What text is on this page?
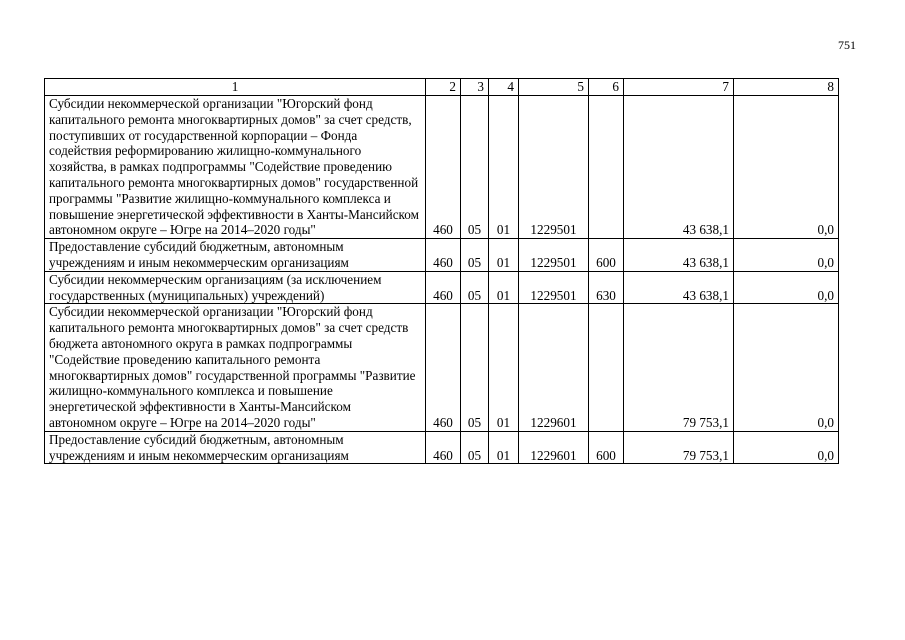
751
1	2	3	4	5	6	7	8
Субсидии некоммерческой организации "Югорский фонд капитального ремонта многоквартирных домов" за счет средств, поступивших от государственной корпорации – Фонда содействия реформированию жилищно-коммунального хозяйства, в рамках подпрограммы "Содействие проведению капитального ремонта многоквартирных домов" государственной программы "Развитие жилищно-коммунального комплекса и повышение энергетической эффективности в Ханты-Мансийском автономном округе – Югре на 2014–2020 годы"	460	05	01	1229501		43 638,1	0,0
Предоставление субсидий бюджетным, автономным учреждениям и иным некоммерческим организациям	460	05	01	1229501	600	43 638,1	0,0
Субсидии некоммерческим организациям (за исключением государственных (муниципальных) учреждений)	460	05	01	1229501	630	43 638,1	0,0
Субсидии некоммерческой организации "Югорский фонд капитального ремонта многоквартирных домов" за счет средств бюджета автономного округа в рамках подпрограммы "Содействие проведению капитального ремонта многоквартирных домов" государственной программы "Развитие жилищно-коммунального комплекса и повышение энергетической эффективности в Ханты-Мансийском автономном округе – Югре на 2014–2020 годы"	460	05	01	1229601		79 753,1	0,0
Предоставление субсидий бюджетным, автономным учреждениям и иным некоммерческим организациям	460	05	01	1229601	600	79 753,1	0,0
